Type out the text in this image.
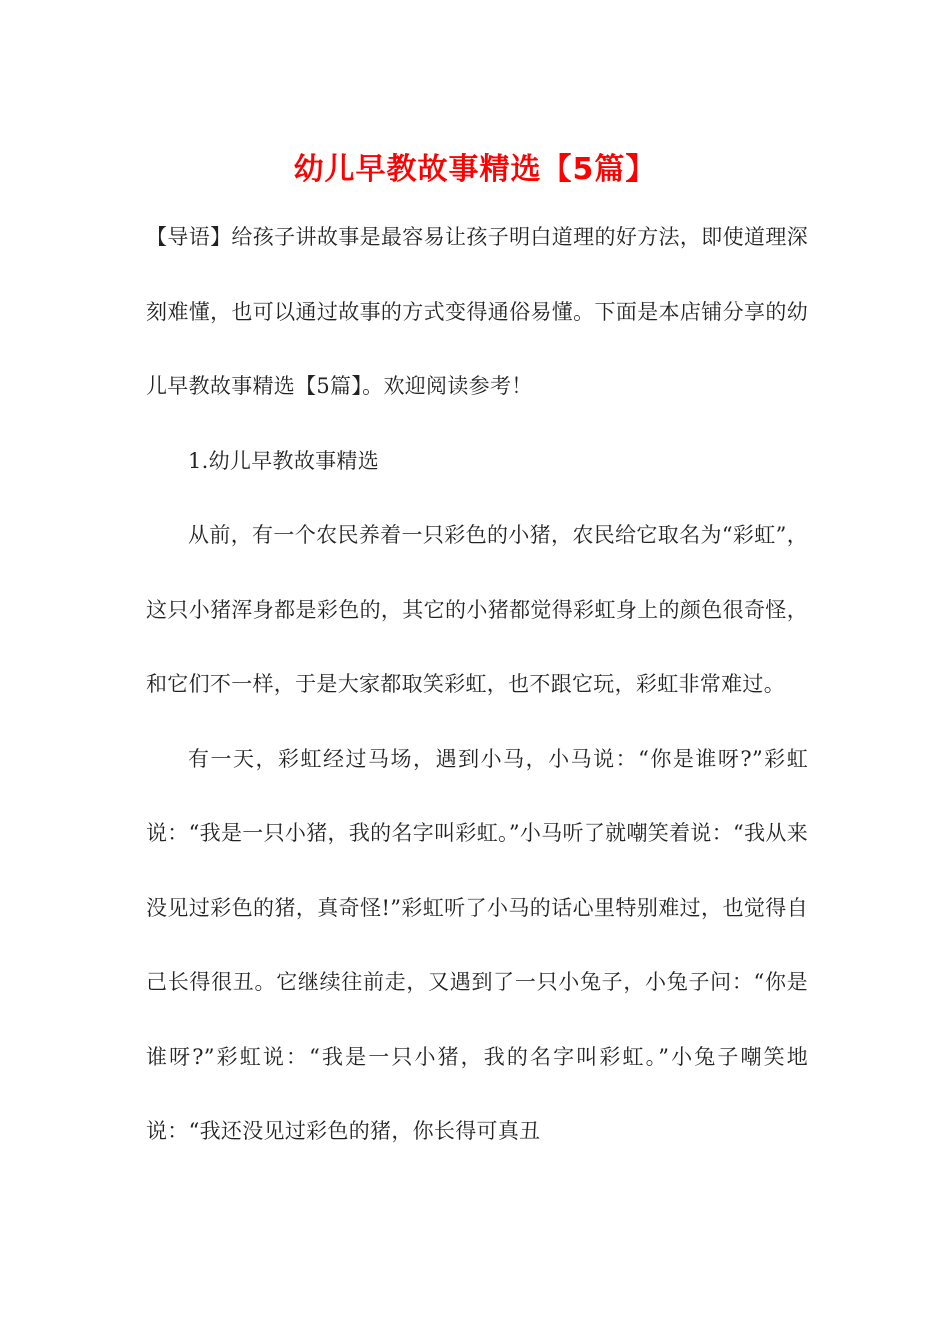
幼儿早教故事精选【5篇】

【导语】给孩子讲故事是最容易让孩子明白道理的好方法，即使道理深刻难懂，也可以通过故事的方式变得通俗易懂。下面是本店铺分享的幼儿早教故事精选【5篇】。欢迎阅读参考！

1.幼儿早教故事精选

从前，有一个农民养着一只彩色的小猪，农民给它取名为“彩虹”，这只小猪浑身都是彩色的，其它的小猪都觉得彩虹身上的颜色很奇怪，和它们不一样，于是大家都取笑彩虹，也不跟它玩，彩虹非常难过。

有一天，彩虹经过马场，遇到小马，小马说：“你是谁呀?”彩虹说：“我是一只小猪，我的名字叫彩虹。”小马听了就嘲笑着说：“我从来没见过彩色的猪，真奇怪!”彩虹听了小马的话心里特别难过，也觉得自己长得很丑。它继续往前走，又遇到了一只小兔子，小兔子问：“你是谁呀?”彩虹说：“我是一只小猪，我的名字叫彩虹。”小兔子嘲笑地说：“我还没见过彩色的猪，你长得可真丑
